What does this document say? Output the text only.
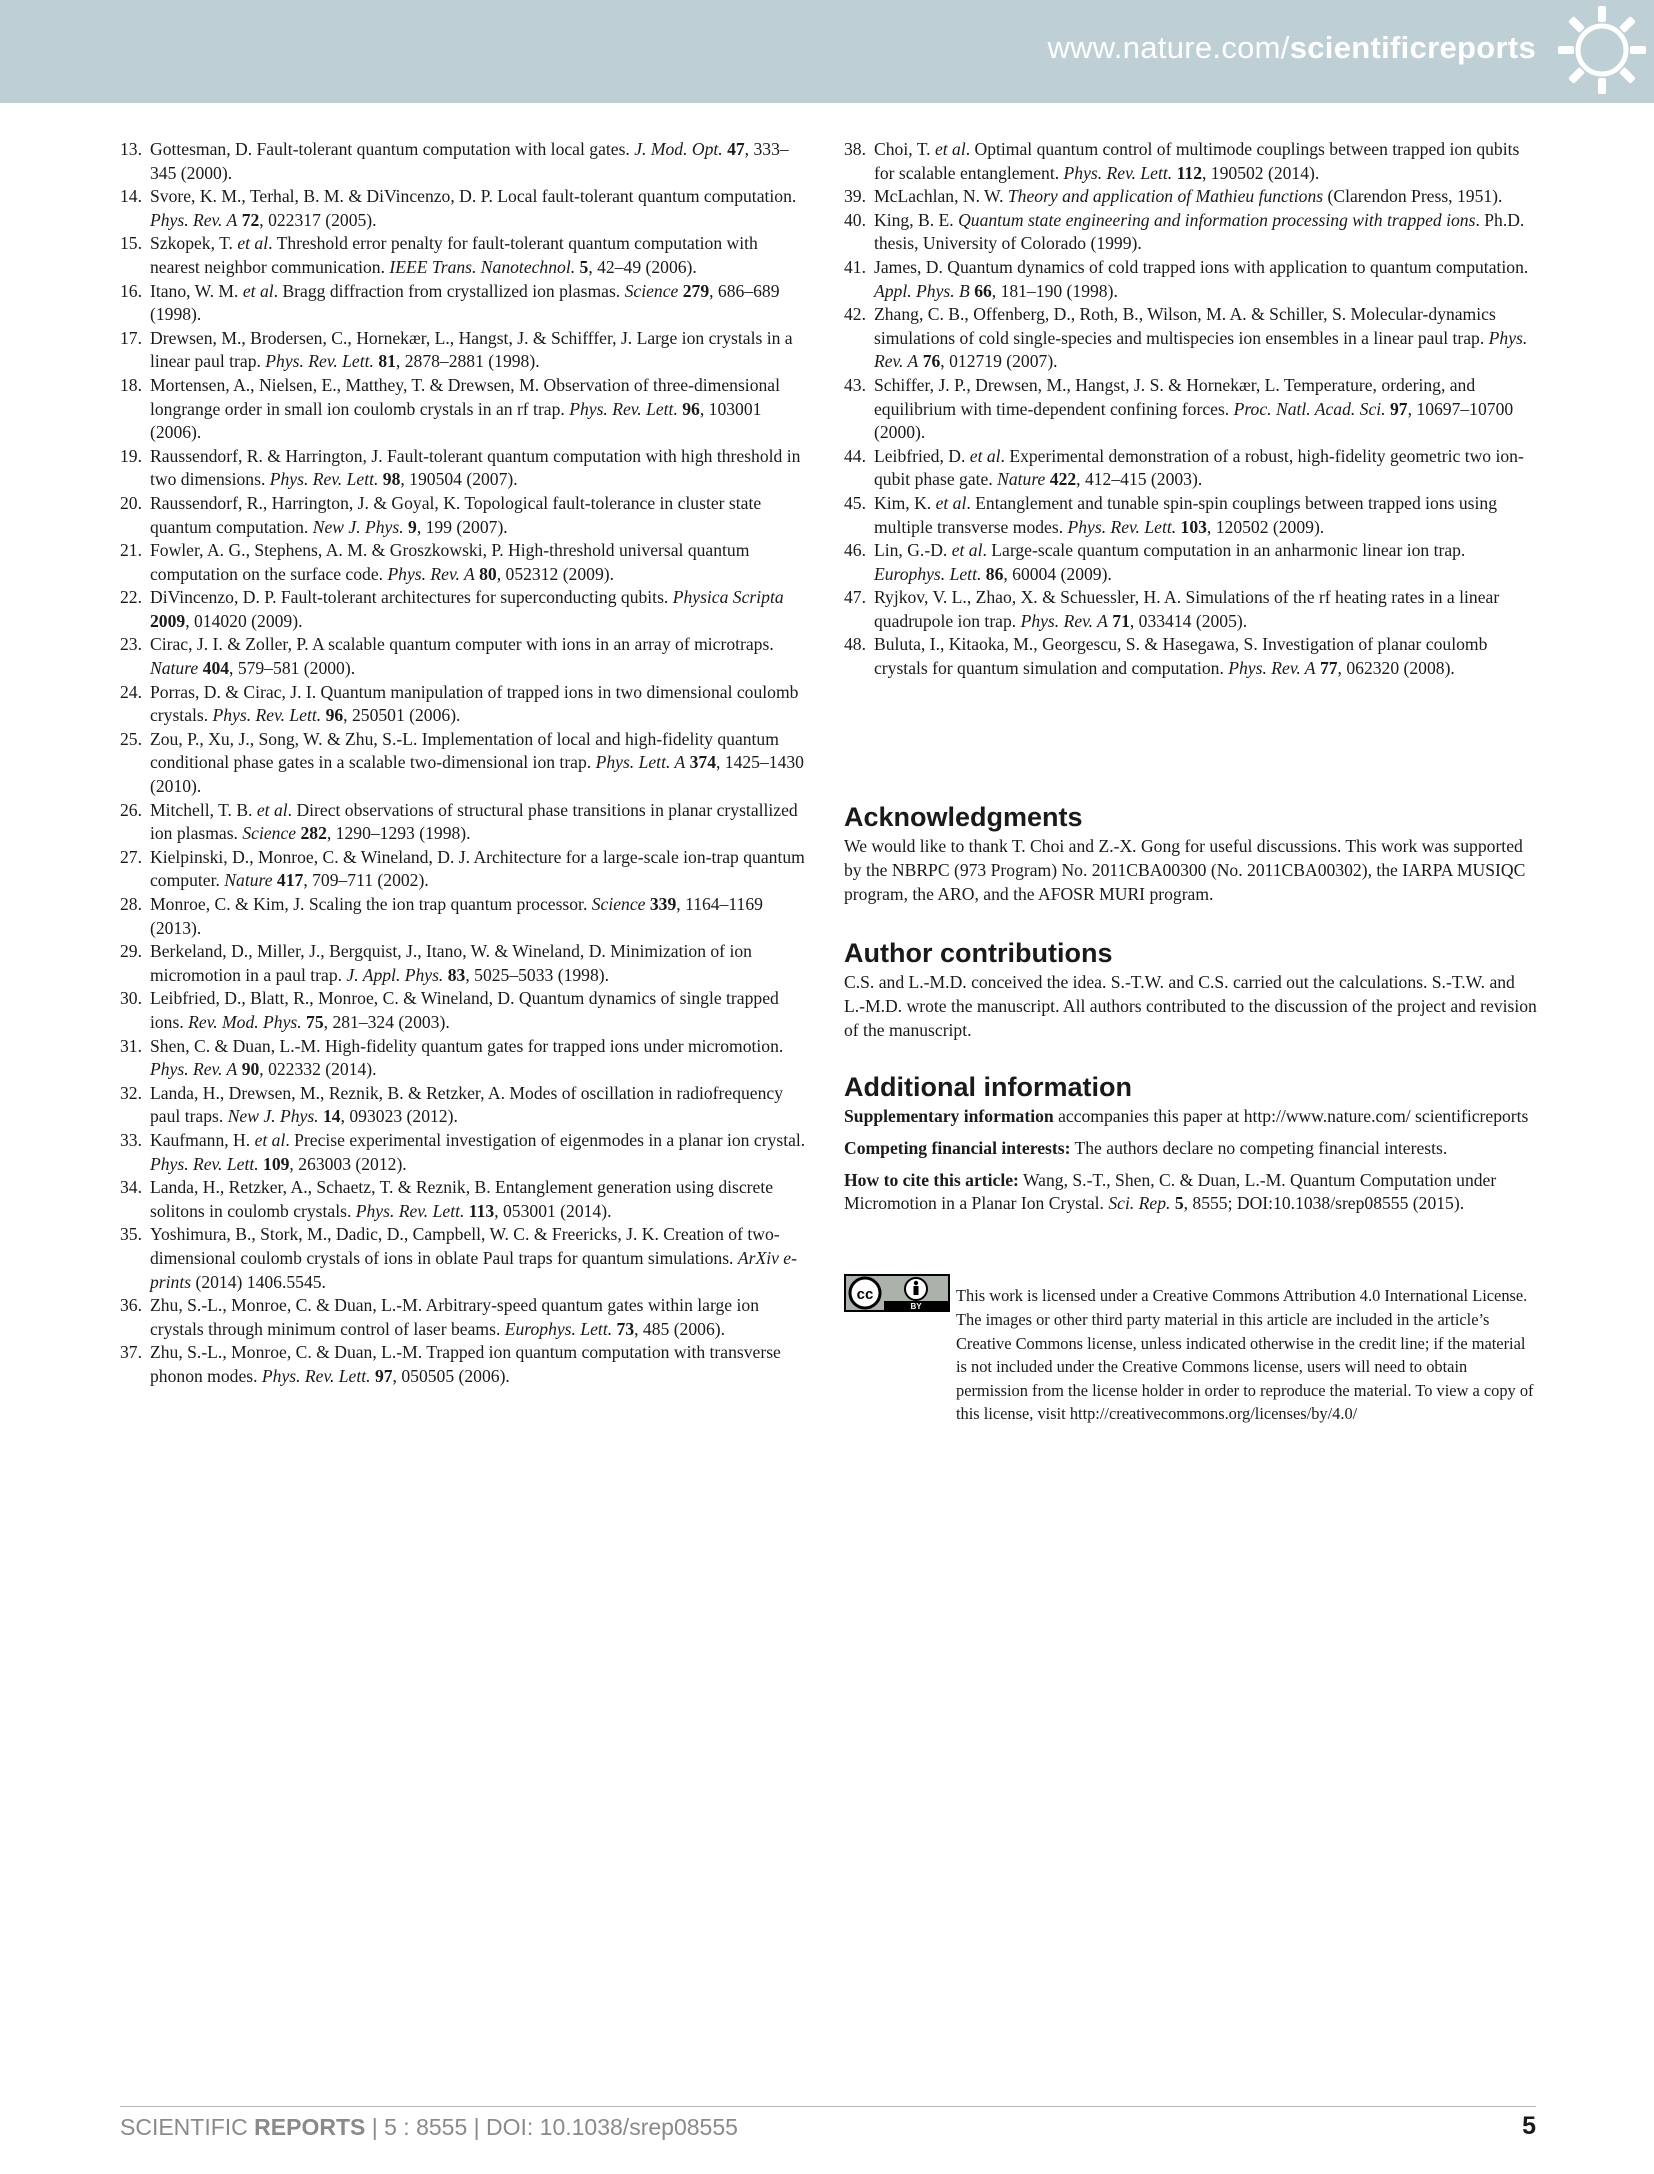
www.nature.com/scientificreports
13. Gottesman, D. Fault-tolerant quantum computation with local gates. J. Mod. Opt. 47, 333–345 (2000).
14. Svore, K. M., Terhal, B. M. & DiVincenzo, D. P. Local fault-tolerant quantum computation. Phys. Rev. A 72, 022317 (2005).
15. Szkopek, T. et al. Threshold error penalty for fault-tolerant quantum computation with nearest neighbor communication. IEEE Trans. Nanotechnol. 5, 42–49 (2006).
16. Itano, W. M. et al. Bragg diffraction from crystallized ion plasmas. Science 279, 686–689 (1998).
17. Drewsen, M., Brodersen, C., Hornekær, L., Hangst, J. & Schifffer, J. Large ion crystals in a linear paul trap. Phys. Rev. Lett. 81, 2878–2881 (1998).
18. Mortensen, A., Nielsen, E., Matthey, T. & Drewsen, M. Observation of three-dimensional longrange order in small ion coulomb crystals in an rf trap. Phys. Rev. Lett. 96, 103001 (2006).
19. Raussendorf, R. & Harrington, J. Fault-tolerant quantum computation with high threshold in two dimensions. Phys. Rev. Lett. 98, 190504 (2007).
20. Raussendorf, R., Harrington, J. & Goyal, K. Topological fault-tolerance in cluster state quantum computation. New J. Phys. 9, 199 (2007).
21. Fowler, A. G., Stephens, A. M. & Groszkowski, P. High-threshold universal quantum computation on the surface code. Phys. Rev. A 80, 052312 (2009).
22. DiVincenzo, D. P. Fault-tolerant architectures for superconducting qubits. Physica Scripta 2009, 014020 (2009).
23. Cirac, J. I. & Zoller, P. A scalable quantum computer with ions in an array of microtraps. Nature 404, 579–581 (2000).
24. Porras, D. & Cirac, J. I. Quantum manipulation of trapped ions in two dimensional coulomb crystals. Phys. Rev. Lett. 96, 250501 (2006).
25. Zou, P., Xu, J., Song, W. & Zhu, S.-L. Implementation of local and high-fidelity quantum conditional phase gates in a scalable two-dimensional ion trap. Phys. Lett. A 374, 1425–1430 (2010).
26. Mitchell, T. B. et al. Direct observations of structural phase transitions in planar crystallized ion plasmas. Science 282, 1290–1293 (1998).
27. Kielpinski, D., Monroe, C. & Wineland, D. J. Architecture for a large-scale ion-trap quantum computer. Nature 417, 709–711 (2002).
28. Monroe, C. & Kim, J. Scaling the ion trap quantum processor. Science 339, 1164–1169 (2013).
29. Berkeland, D., Miller, J., Bergquist, J., Itano, W. & Wineland, D. Minimization of ion micromotion in a paul trap. J. Appl. Phys. 83, 5025–5033 (1998).
30. Leibfried, D., Blatt, R., Monroe, C. & Wineland, D. Quantum dynamics of single trapped ions. Rev. Mod. Phys. 75, 281–324 (2003).
31. Shen, C. & Duan, L.-M. High-fidelity quantum gates for trapped ions under micromotion. Phys. Rev. A 90, 022332 (2014).
32. Landa, H., Drewsen, M., Reznik, B. & Retzker, A. Modes of oscillation in radiofrequency paul traps. New J. Phys. 14, 093023 (2012).
33. Kaufmann, H. et al. Precise experimental investigation of eigenmodes in a planar ion crystal. Phys. Rev. Lett. 109, 263003 (2012).
34. Landa, H., Retzker, A., Schaetz, T. & Reznik, B. Entanglement generation using discrete solitons in coulomb crystals. Phys. Rev. Lett. 113, 053001 (2014).
35. Yoshimura, B., Stork, M., Dadic, D., Campbell, W. C. & Freericks, J. K. Creation of two-dimensional coulomb crystals of ions in oblate Paul traps for quantum simulations. ArXiv e-prints (2014) 1406.5545.
36. Zhu, S.-L., Monroe, C. & Duan, L.-M. Arbitrary-speed quantum gates within large ion crystals through minimum control of laser beams. Europhys. Lett. 73, 485 (2006).
37. Zhu, S.-L., Monroe, C. & Duan, L.-M. Trapped ion quantum computation with transverse phonon modes. Phys. Rev. Lett. 97, 050505 (2006).
38. Choi, T. et al. Optimal quantum control of multimode couplings between trapped ion qubits for scalable entanglement. Phys. Rev. Lett. 112, 190502 (2014).
39. McLachlan, N. W. Theory and application of Mathieu functions (Clarendon Press, 1951).
40. King, B. E. Quantum state engineering and information processing with trapped ions. Ph.D. thesis, University of Colorado (1999).
41. James, D. Quantum dynamics of cold trapped ions with application to quantum computation. Appl. Phys. B 66, 181–190 (1998).
42. Zhang, C. B., Offenberg, D., Roth, B., Wilson, M. A. & Schiller, S. Molecular-dynamics simulations of cold single-species and multispecies ion ensembles in a linear paul trap. Phys. Rev. A 76, 012719 (2007).
43. Schiffer, J. P., Drewsen, M., Hangst, J. S. & Hornekær, L. Temperature, ordering, and equilibrium with time-dependent confining forces. Proc. Natl. Acad. Sci. 97, 10697–10700 (2000).
44. Leibfried, D. et al. Experimental demonstration of a robust, high-fidelity geometric two ion-qubit phase gate. Nature 422, 412–415 (2003).
45. Kim, K. et al. Entanglement and tunable spin-spin couplings between trapped ions using multiple transverse modes. Phys. Rev. Lett. 103, 120502 (2009).
46. Lin, G.-D. et al. Large-scale quantum computation in an anharmonic linear ion trap. Europhys. Lett. 86, 60004 (2009).
47. Ryjkov, V. L., Zhao, X. & Schuessler, H. A. Simulations of the rf heating rates in a linear quadrupole ion trap. Phys. Rev. A 71, 033414 (2005).
48. Buluta, I., Kitaoka, M., Georgescu, S. & Hasegawa, S. Investigation of planar coulomb crystals for quantum simulation and computation. Phys. Rev. A 77, 062320 (2008).
Acknowledgments

We would like to thank T. Choi and Z.-X. Gong for useful discussions. This work was supported by the NBRPC (973 Program) No. 2011CBA00300 (No. 2011CBA00302), the IARPA MUSIQC program, the ARO, and the AFOSR MURI program.

Author contributions

C.S. and L.-M.D. conceived the idea. S.-T.W. and C.S. carried out the calculations. S.-T.W. and L.-M.D. wrote the manuscript. All authors contributed to the discussion of the project and revision of the manuscript.

Additional information

Supplementary information accompanies this paper at http://www.nature.com/ scientificreports

Competing financial interests: The authors declare no competing financial interests.

How to cite this article: Wang, S.-T., Shen, C. & Duan, L.-M. Quantum Computation under Micromotion in a Planar Ion Crystal. Sci. Rep. 5, 8555; DOI:10.1038/srep08555 (2015).

cc
BY

This work is licensed under a Creative Commons Attribution 4.0 International License. The images or other third party material in this article are included in the article’s Creative Commons license, unless indicated otherwise in the credit line; if the material is not included under the Creative Commons license, users will need to obtain permission from the license holder in order to reproduce the material. To view a copy of this license, visit http://creativecommons.org/licenses/by/4.0/

SCIENTIFIC REPORTS | 5 : 8555 | DOI: 10.1038/srep08555	5
